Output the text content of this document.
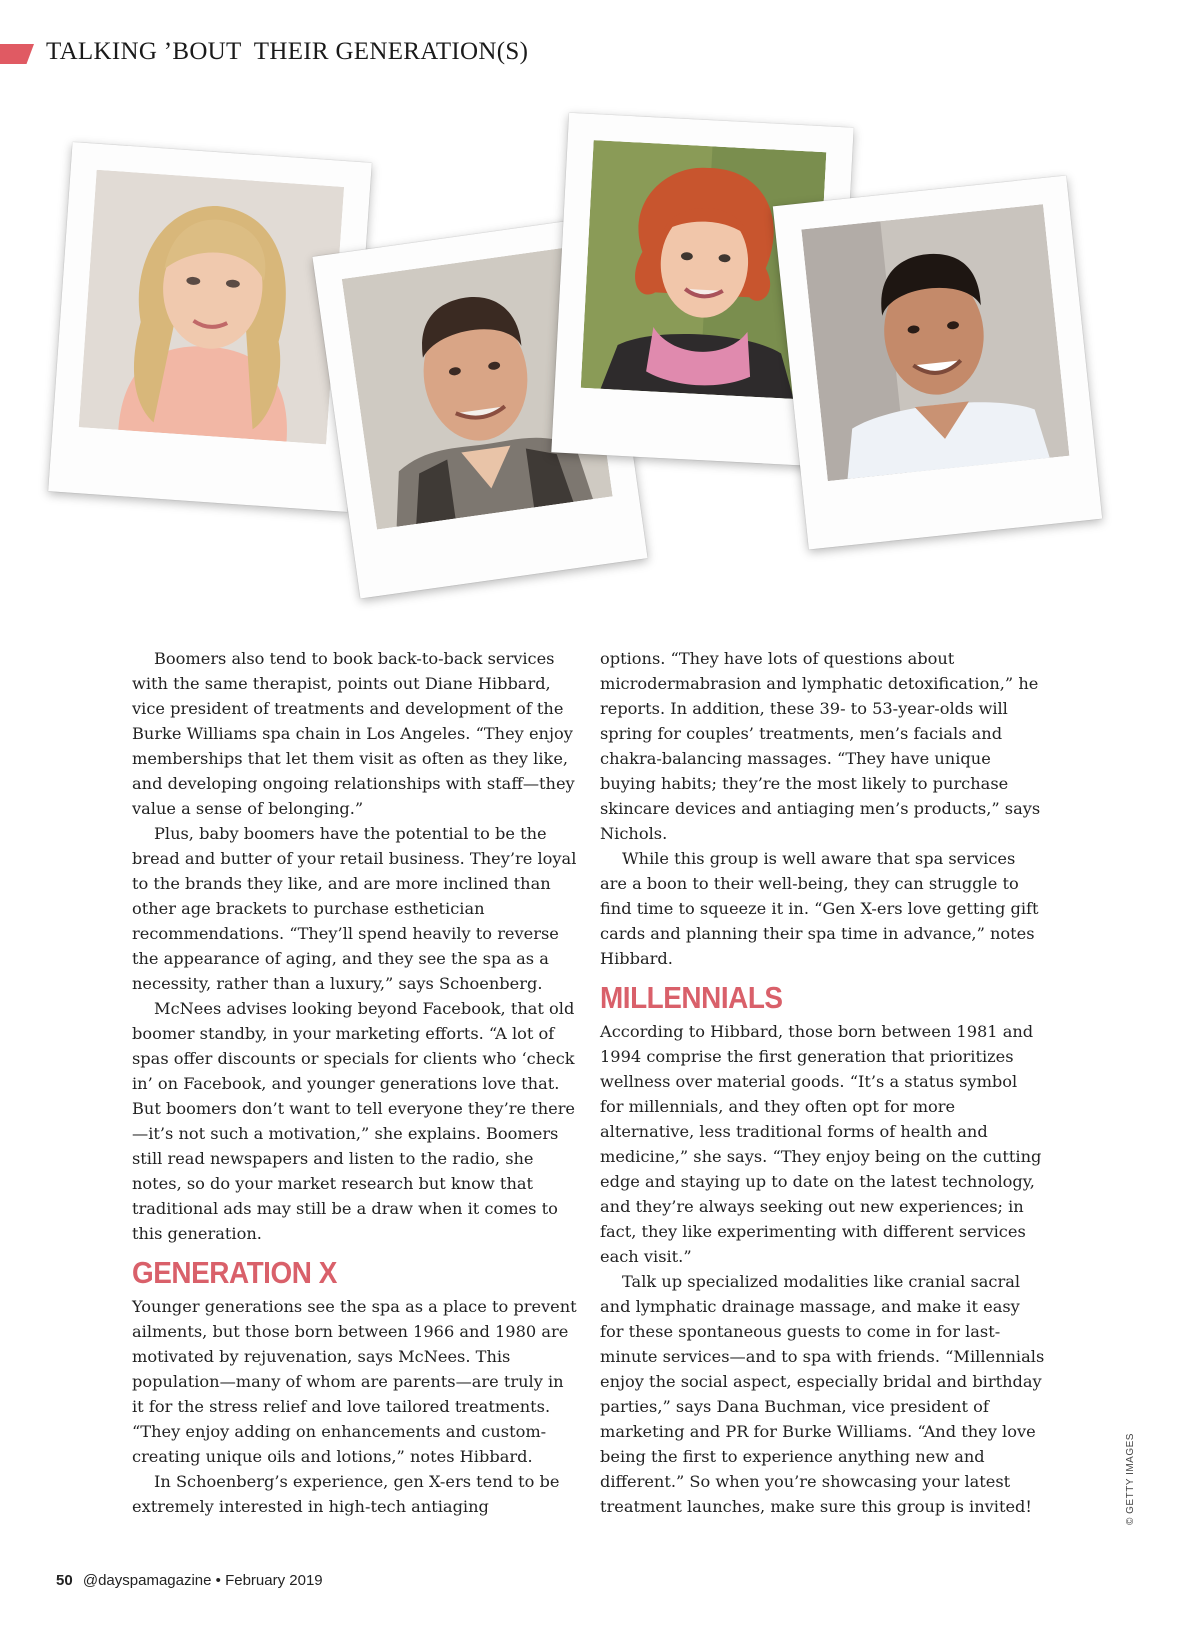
TALKING ’BOUT  THEIR GENERATION(S)

Boomers also tend to book back-to-back services with the same therapist, points out Diane Hibbard, vice president of treatments and development of the Burke Williams spa chain in Los Angeles. “They enjoy memberships that let them visit as often as they like, and developing ongoing relationships with staff—they value a sense of belonging.”

Plus, baby boomers have the potential to be the bread and butter of your retail business. They’re loyal to the brands they like, and are more inclined than other age brackets to purchase esthetician recommendations. “They’ll spend heavily to reverse the appearance of aging, and they see the spa as a necessity, rather than a luxury,” says Schoenberg.

McNees advises looking beyond Facebook, that old boomer standby, in your marketing efforts. “A lot of spas offer discounts or specials for clients who ‘check in’ on Facebook, and younger generations love that. But boomers don’t want to tell everyone they’re there—it’s not such a motivation,” she explains. Boomers still read newspapers and listen to the radio, she notes, so do your market research but know that traditional ads may still be a draw when it comes to this generation.

GENERATION X

Younger generations see the spa as a place to prevent ailments, but those born between 1966 and 1980 are motivated by rejuvenation, says McNees. This population—many of whom are parents—are truly in it for the stress relief and love tailored treatments. “They enjoy adding on enhancements and custom-creating unique oils and lotions,” notes Hibbard.

In Schoenberg’s experience, gen X-ers tend to be extremely interested in high-tech antiaging

options. “They have lots of questions about microdermabrasion and lymphatic detoxification,” he reports. In addition, these 39- to 53-year-olds will spring for couples’ treatments, men’s facials and chakra-balancing massages. “They have unique buying habits; they’re the most likely to purchase skincare devices and antiaging men’s products,” says Nichols.

While this group is well aware that spa services are a boon to their well-being, they can struggle to find time to squeeze it in. “Gen X-ers love getting gift cards and planning their spa time in advance,” notes Hibbard.

MILLENNIALS

According to Hibbard, those born between 1981 and 1994 comprise the first generation that prioritizes wellness over material goods. “It’s a status symbol for millennials, and they often opt for more alternative, less traditional forms of health and medicine,” she says. “They enjoy being on the cutting edge and staying up to date on the latest technology, and they’re always seeking out new experiences; in fact, they like experimenting with different services each visit.”

Talk up specialized modalities like cranial sacral and lymphatic drainage massage, and make it easy for these spontaneous guests to come in for last-minute services—and to spa with friends. “Millennials enjoy the social aspect, especially bridal and birthday parties,” says Dana Buchman, vice president of marketing and PR for Burke Williams. “And they love being the first to experience anything new and different.” So when you’re showcasing your latest treatment launches, make sure this group is invited!	© GETTY IMAGES
50 @dayspamagazine • February 2019
